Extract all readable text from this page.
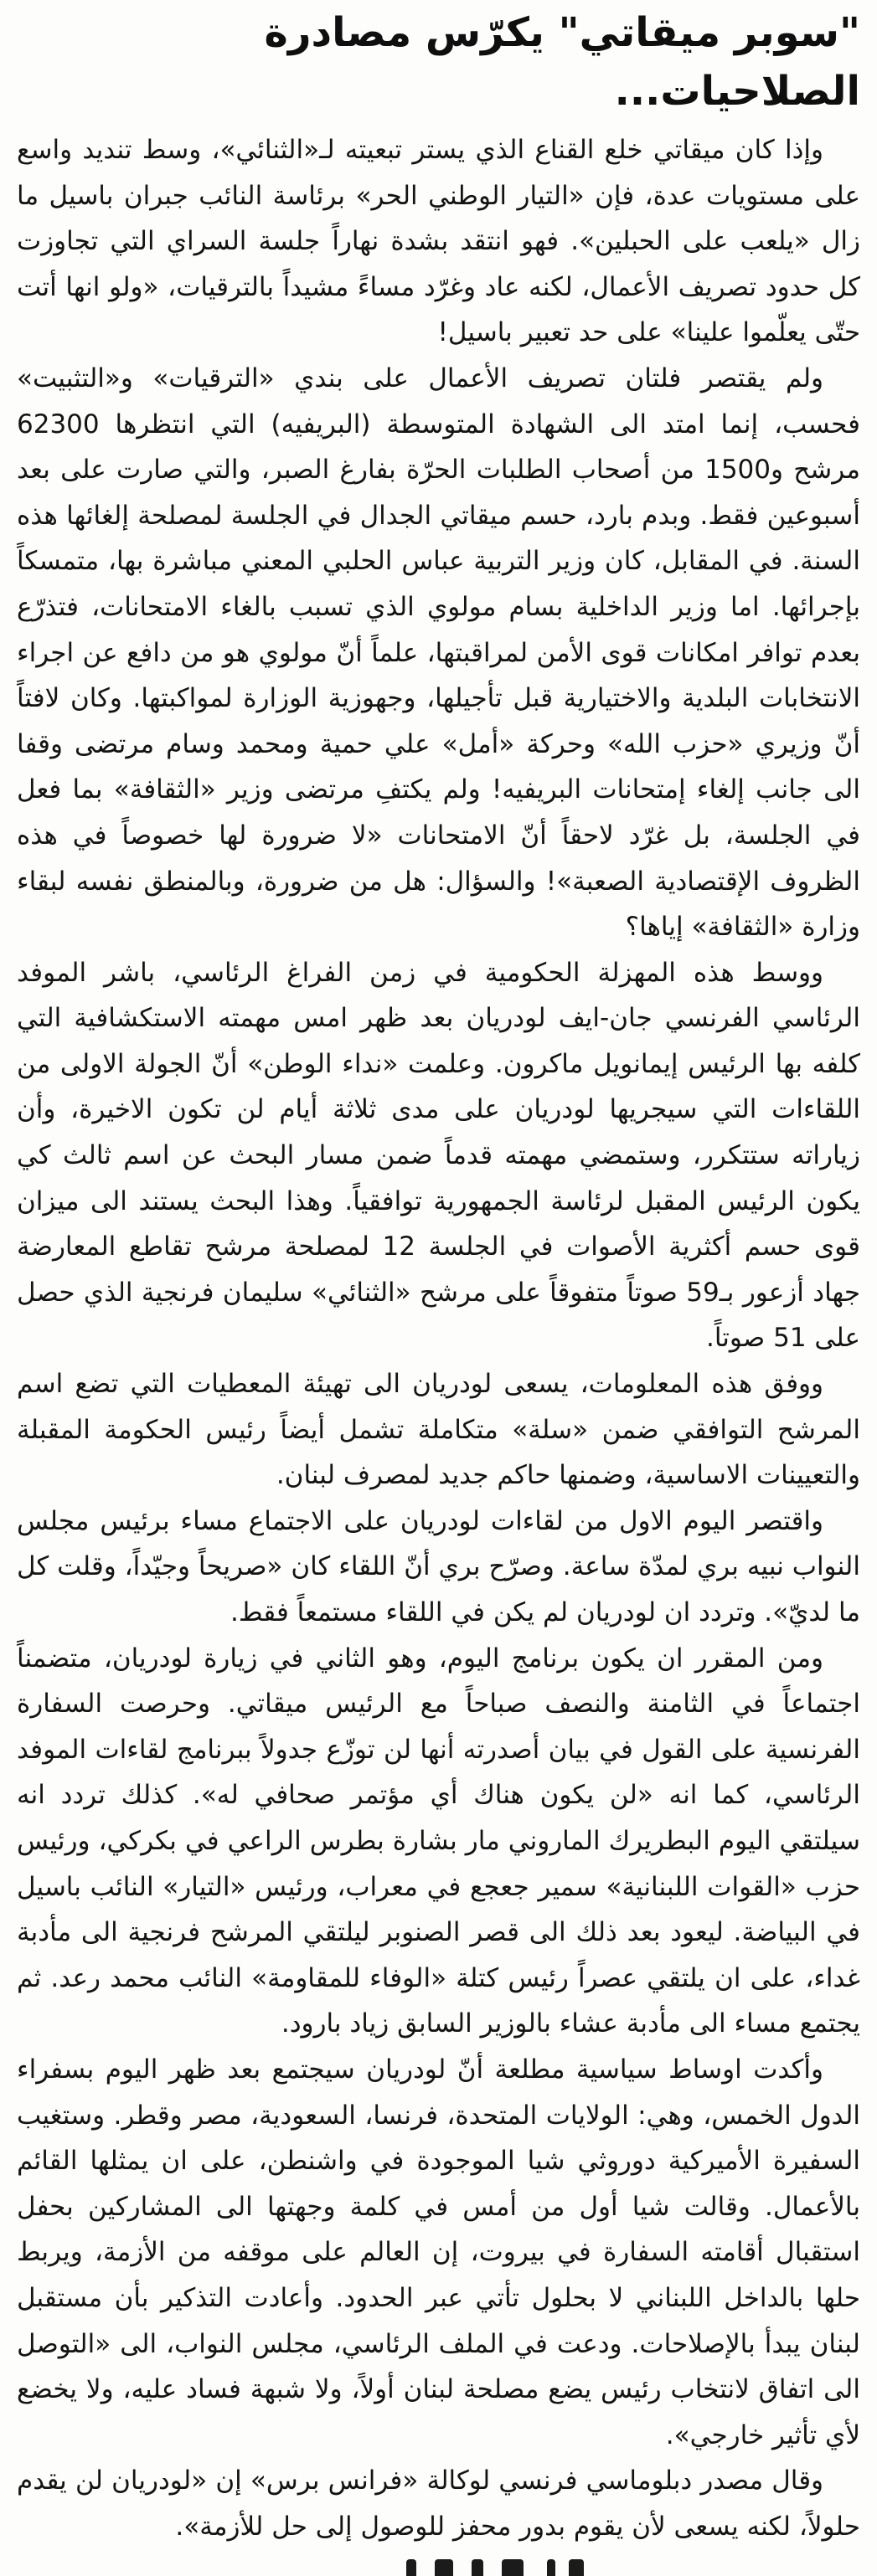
"سوبر ميقاتي" يكرّس مصادرة الصلاحيات...

وإذا كان ميقاتي خلع القناع الذي يستر تبعيته لـ«الثنائي»، وسط تنديد واسع على مستويات عدة، فإن «التيار الوطني الحر» برئاسة النائب جبران باسيل ما زال «يلعب على الحبلين». فهو انتقد بشدة نهاراً جلسة السراي التي تجاوزت كل حدود تصريف الأعمال، لكنه عاد وغرّد مساءً مشيداً بالترقيات، «ولو انها أتت حتّى يعلّموا علينا» على حد تعبير باسيل!

ولم يقتصر فلتان تصريف الأعمال على بندي «الترقيات» و«التثبيت» فحسب، إنما امتد الى الشهادة المتوسطة (البريفيه) التي انتظرها 62300 مرشح و1500 من أصحاب الطلبات الحرّة بفارغ الصبر، والتي صارت على بعد أسبوعين فقط. وبدم بارد، حسم ميقاتي الجدال في الجلسة لمصلحة إلغائها هذه السنة. في المقابل، كان وزير التربية عباس الحلبي المعني مباشرة بها، متمسكاً بإجرائها. اما وزير الداخلية بسام مولوي الذي تسبب بالغاء الامتحانات، فتذرّع بعدم توافر امكانات قوى الأمن لمراقبتها، علماً أنّ مولوي هو من دافع عن اجراء الانتخابات البلدية والاختيارية قبل تأجيلها، وجهوزية الوزارة لمواكبتها. وكان لافتاً أنّ وزيري «حزب الله» وحركة «أمل» علي حمية ومحمد وسام مرتضى وقفا الى جانب إلغاء إمتحانات البريفيه! ولم يكتفِ مرتضى وزير «الثقافة» بما فعل في الجلسة، بل غرّد لاحقاً أنّ الامتحانات «لا ضرورة لها خصوصاً في هذه الظروف الإقتصادية الصعبة»! والسؤال: هل من ضرورة، وبالمنطق نفسه لبقاء وزارة «الثقافة» إياها؟

ووسط هذه المهزلة الحكومية في زمن الفراغ الرئاسي، باشر الموفد الرئاسي الفرنسي جان-ايف لودريان بعد ظهر امس مهمته الاستكشافية التي كلفه بها الرئيس إيمانويل ماكرون. وعلمت «نداء الوطن» أنّ الجولة الاولى من اللقاءات التي سيجريها لودريان على مدى ثلاثة أيام لن تكون الاخيرة، وأن زياراته ستتكرر، وستمضي مهمته قدماً ضمن مسار البحث عن اسم ثالث كي يكون الرئيس المقبل لرئاسة الجمهورية توافقياً. وهذا البحث يستند الى ميزان قوى حسم أكثرية الأصوات في الجلسة 12 لمصلحة مرشح تقاطع المعارضة جهاد أزعور بـ59 صوتاً متفوقاً على مرشح «الثنائي» سليمان فرنجية الذي حصل على 51 صوتاً.

ووفق هذه المعلومات، يسعى لودريان الى تهيئة المعطيات التي تضع اسم المرشح التوافقي ضمن «سلة» متكاملة تشمل أيضاً رئيس الحكومة المقبلة والتعيينات الاساسية، وضمنها حاكم جديد لمصرف لبنان.

واقتصر اليوم الاول من لقاءات لودريان على الاجتماع مساء برئيس مجلس النواب نبيه بري لمدّة ساعة. وصرّح بري أنّ اللقاء كان «صريحاً وجيّداً، وقلت كل ما لديّ». وتردد ان لودريان لم يكن في اللقاء مستمعاً فقط.

ومن المقرر ان يكون برنامج اليوم، وهو الثاني في زيارة لودريان، متضمناً اجتماعاً في الثامنة والنصف صباحاً مع الرئيس ميقاتي. وحرصت السفارة الفرنسية على القول في بيان أصدرته أنها لن توزّع جدولاً ببرنامج لقاءات الموفد الرئاسي، كما انه «لن يكون هناك أي مؤتمر صحافي له». كذلك تردد انه سيلتقي اليوم البطريرك الماروني مار بشارة بطرس الراعي في بكركي، ورئيس حزب «القوات اللبنانية» سمير جعجع في معراب، ورئيس «التيار» النائب باسيل في البياضة. ليعود بعد ذلك الى قصر الصنوبر ليلتقي المرشح فرنجية الى مأدبة غداء، على ان يلتقي عصراً رئيس كتلة «الوفاء للمقاومة» النائب محمد رعد. ثم يجتمع مساء الى مأدبة عشاء بالوزير السابق زياد بارود.

وأكدت اوساط سياسية مطلعة أنّ لودريان سيجتمع بعد ظهر اليوم بسفراء الدول الخمس، وهي: الولايات المتحدة، فرنسا، السعودية، مصر وقطر. وستغيب السفيرة الأميركية دوروثي شيا الموجودة في واشنطن، على ان يمثلها القائم بالأعمال. وقالت شيا أول من أمس في كلمة وجهتها الى المشاركين بحفل استقبال أقامته السفارة في بيروت، إن العالم على موقفه من الأزمة، ويربط حلها بالداخل اللبناني لا بحلول تأتي عبر الحدود. وأعادت التذكير بأن مستقبل لبنان يبدأ بالإصلاحات. ودعت في الملف الرئاسي، مجلس النواب، الى «التوصل الى اتفاق لانتخاب رئيس يضع مصلحة لبنان أولاً، ولا شبهة فساد عليه، ولا يخضع لأي تأثير خارجي».

وقال مصدر دبلوماسي فرنسي لوكالة «فرانس برس» إن «لودريان لن يقدم حلولاً، لكنه يسعى لأن يقوم بدور محفز للوصول إلى حل للأزمة».
